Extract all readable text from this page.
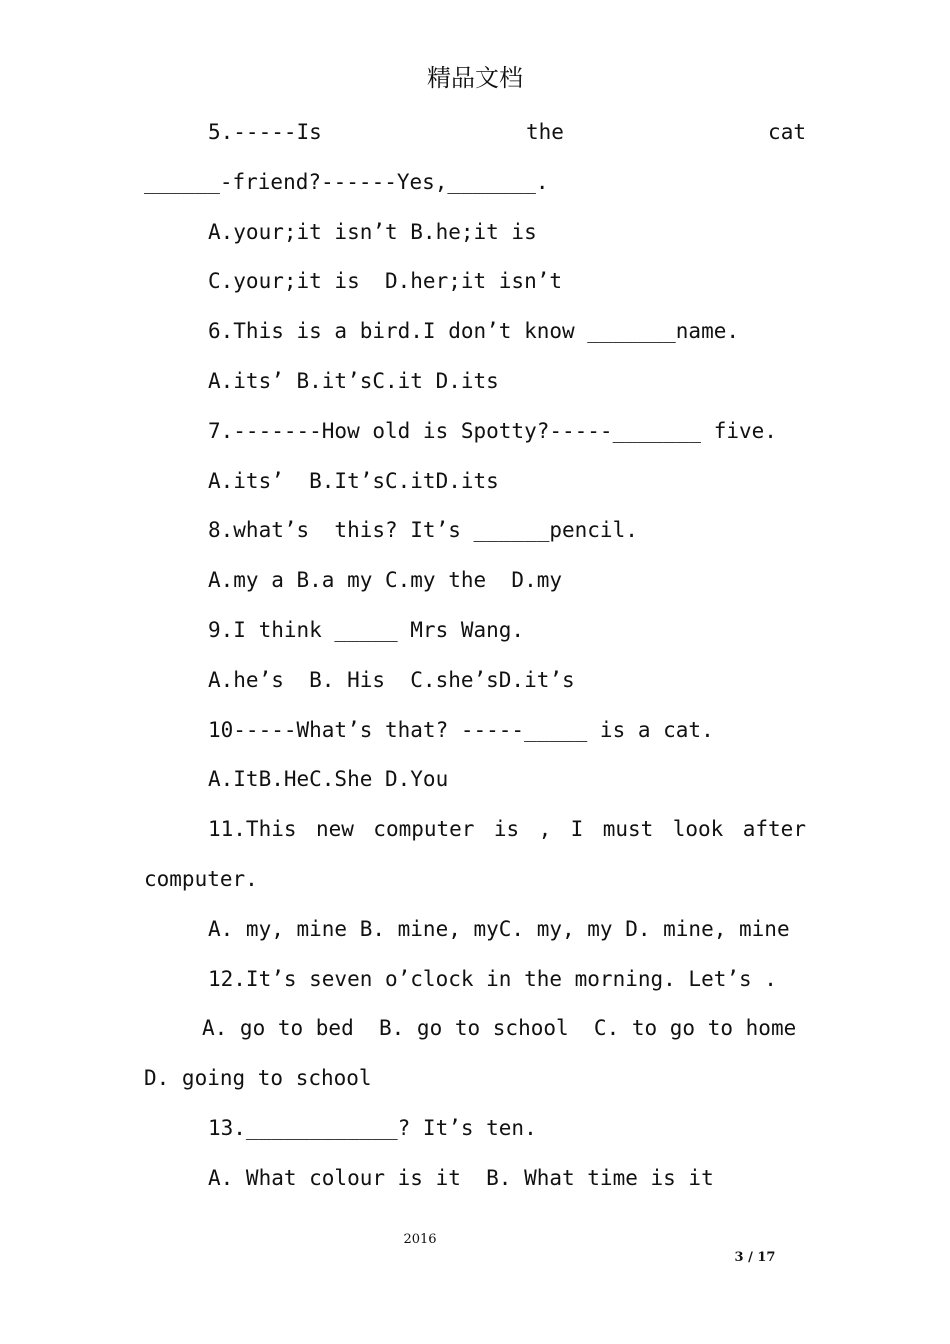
精品文档
5.-----Is	the	cat
______-friend?------Yes,_______.
A.your;it isn’t B.he;it is
C.your;it is  D.her;it isn’t
6.This is a bird.I don’t know _______name.
A.its’ B.it’sC.it D.its
7.-------How old is Spotty?-----_______ five.
A.its’  B.It’sC.itD.its
8.what’s  this? It’s ______pencil.
A.my a B.a my C.my the  D.my
9.I think _____ Mrs Wang.
A.he’s  B. His  C.she’sD.it’s
10-----What’s that? -----_____ is a cat.
A.ItB.HeC.She D.You
11.This new computer is , I must look after
computer.
A. my, mine B. mine, myC. my, my D. mine, mine
12.It’s seven o’clock in the morning. Let’s .
A. go to bed  B. go to school  C. to go to home
D. going to school
13.____________? It’s ten.
A. What colour is it  B. What time is it
2016
3 / 17
